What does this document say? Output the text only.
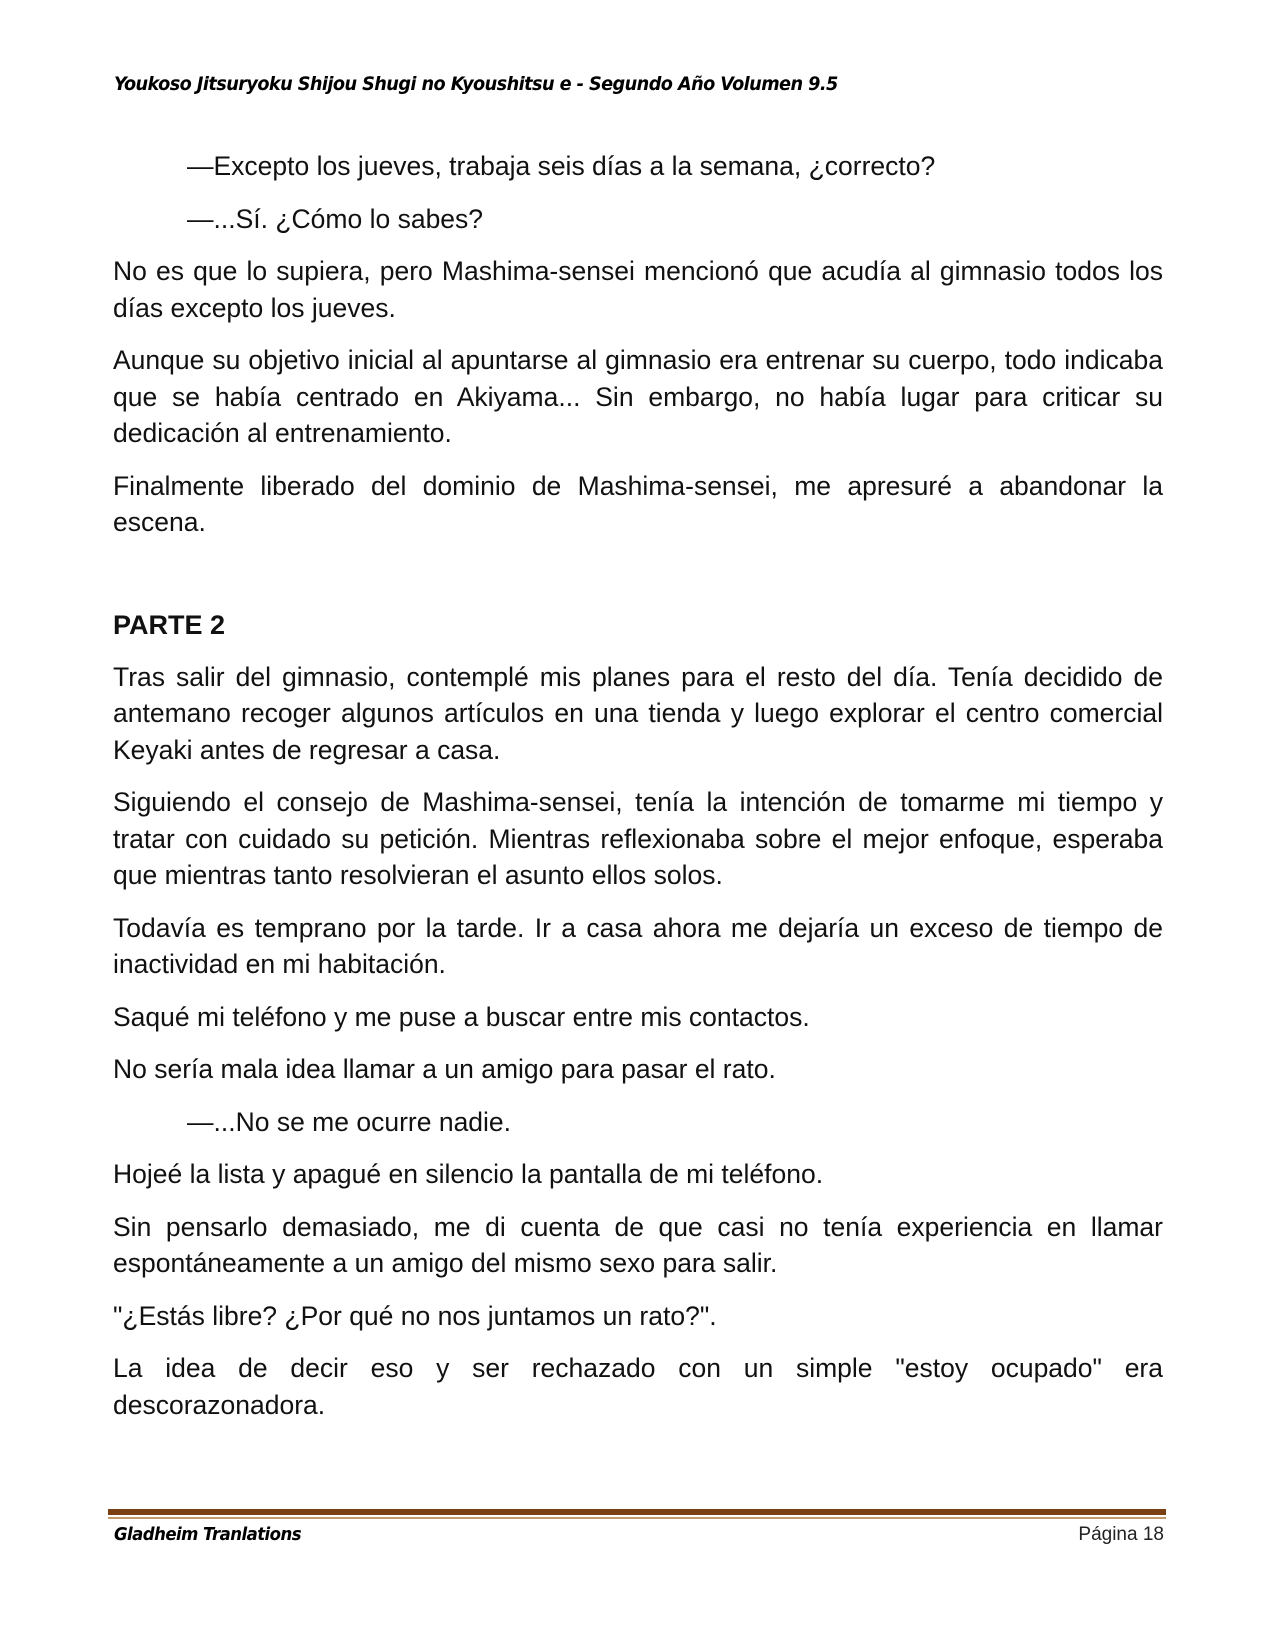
Youkoso Jitsuryoku Shijou Shugi no Kyoushitsu e - Segundo Año Volumen 9.5

—Excepto los jueves, trabaja seis días a la semana, ¿correcto?

—...Sí. ¿Cómo lo sabes?

No es que lo supiera, pero Mashima-sensei mencionó que acudía al gimnasio todos los días excepto los jueves.

Aunque su objetivo inicial al apuntarse al gimnasio era entrenar su cuerpo, todo indicaba que se había centrado en Akiyama... Sin embargo, no había lugar para criticar su dedicación al entrenamiento.

Finalmente liberado del dominio de Mashima-sensei, me apresuré a abandonar la escena.

PARTE 2

Tras salir del gimnasio, contemplé mis planes para el resto del día. Tenía decidido de antemano recoger algunos artículos en una tienda y luego explorar el centro comercial Keyaki antes de regresar a casa.

Siguiendo el consejo de Mashima-sensei, tenía la intención de tomarme mi tiempo y tratar con cuidado su petición. Mientras reflexionaba sobre el mejor enfoque, esperaba que mientras tanto resolvieran el asunto ellos solos.

Todavía es temprano por la tarde. Ir a casa ahora me dejaría un exceso de tiempo de inactividad en mi habitación.

Saqué mi teléfono y me puse a buscar entre mis contactos.

No sería mala idea llamar a un amigo para pasar el rato.

—...No se me ocurre nadie.

Hojeé la lista y apagué en silencio la pantalla de mi teléfono.

Sin pensarlo demasiado, me di cuenta de que casi no tenía experiencia en llamar espontáneamente a un amigo del mismo sexo para salir.

"¿Estás libre? ¿Por qué no nos juntamos un rato?".

La idea de decir eso y ser rechazado con un simple "estoy ocupado" era descorazonadora.

Gladheim Tranlations	Página 18
